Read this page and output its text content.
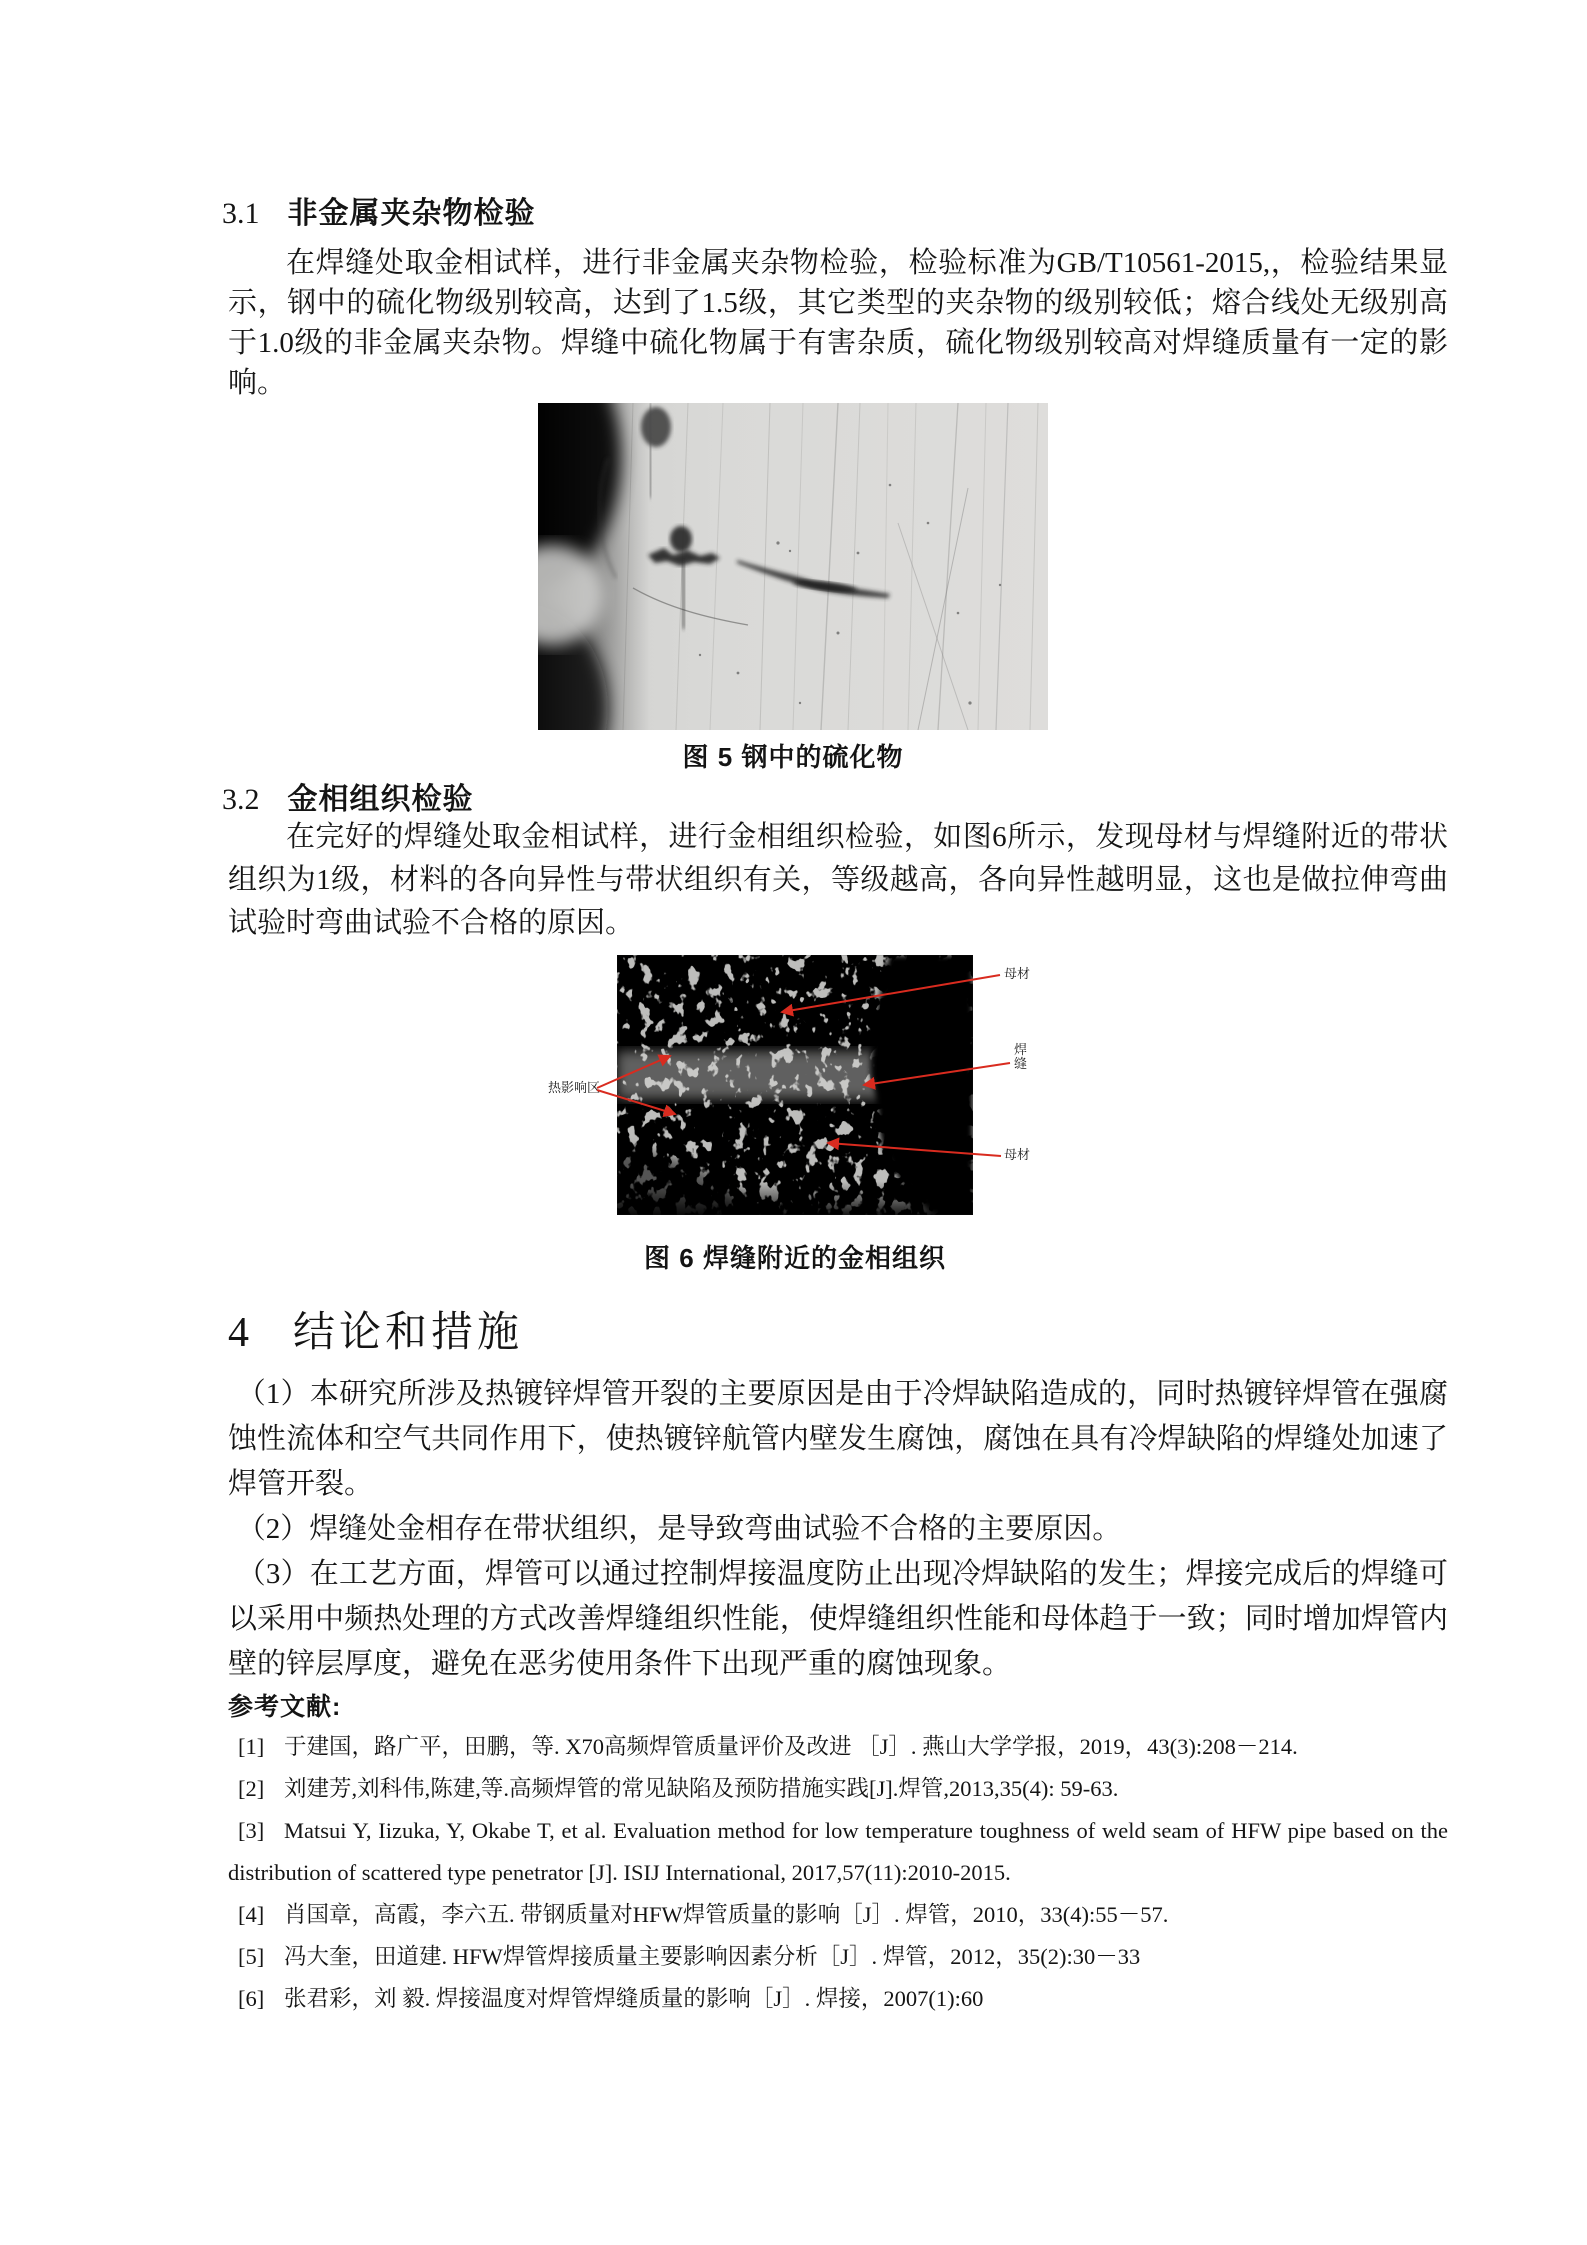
3.1 非金属夹杂物检验
在焊缝处取金相试样，进行非金属夹杂物检验，检验标准为GB/T10561-2015,，检验结果显示，钢中的硫化物级别较高，达到了1.5级，其它类型的夹杂物的级别较低；熔合线处无级别高于1.0级的非金属夹杂物。焊缝中硫化物属于有害杂质，硫化物级别较高对焊缝质量有一定的影响。
图 5 钢中的硫化物
3.2 金相组织检验
在完好的焊缝处取金相试样，进行金相组织检验，如图6所示，发现母材与焊缝附近的带状组织为1级，材料的各向异性与带状组织有关，等级越高，各向异性越明显，这也是做拉伸弯曲试验时弯曲试验不合格的原因。
热影响区
母材
焊缝
母材
图 6 焊缝附近的金相组织
4 结论和措施

（1）本研究所涉及热镀锌焊管开裂的主要原因是由于冷焊缺陷造成的，同时热镀锌焊管在强腐蚀性流体和空气共同作用下，使热镀锌航管内壁发生腐蚀，腐蚀在具有冷焊缺陷的焊缝处加速了焊管开裂。

（2）焊缝处金相存在带状组织，是导致弯曲试验不合格的主要原因。

（3）在工艺方面，焊管可以通过控制焊接温度防止出现冷焊缺陷的发生；焊接完成后的焊缝可以采用中频热处理的方式改善焊缝组织性能，使焊缝组织性能和母体趋于一致；同时增加焊管内壁的锌层厚度，避免在恶劣使用条件下出现严重的腐蚀现象。

参考文献:

[1] 于建国，路广平，田鹏，等. X70高频焊管质量评价及改进 ［J］. 燕山大学学报，2019，43(3):208－214.

[2] 刘建芳,刘科伟,陈建,等.高频焊管的常见缺陷及预防措施实践[J].焊管,2013,35(4): 59-63.

[3] Matsui Y, Iizuka, Y, Okabe T, et al. Evaluation method for low temperature toughness of weld seam of HFW pipe based on the distribution of scattered type penetrator [J]. ISIJ International, 2017,57(11):2010-2015.

[4] 肖国章，高霞，李六五. 带钢质量对HFW焊管质量的影响［J］. 焊管，2010，33(4):55－57.

[5] 冯大奎，田道建. HFW焊管焊接质量主要影响因素分析［J］. 焊管，2012，35(2):30－33

[6] 张君彩，刘 毅. 焊接温度对焊管焊缝质量的影响［J］. 焊接，2007(1):60
